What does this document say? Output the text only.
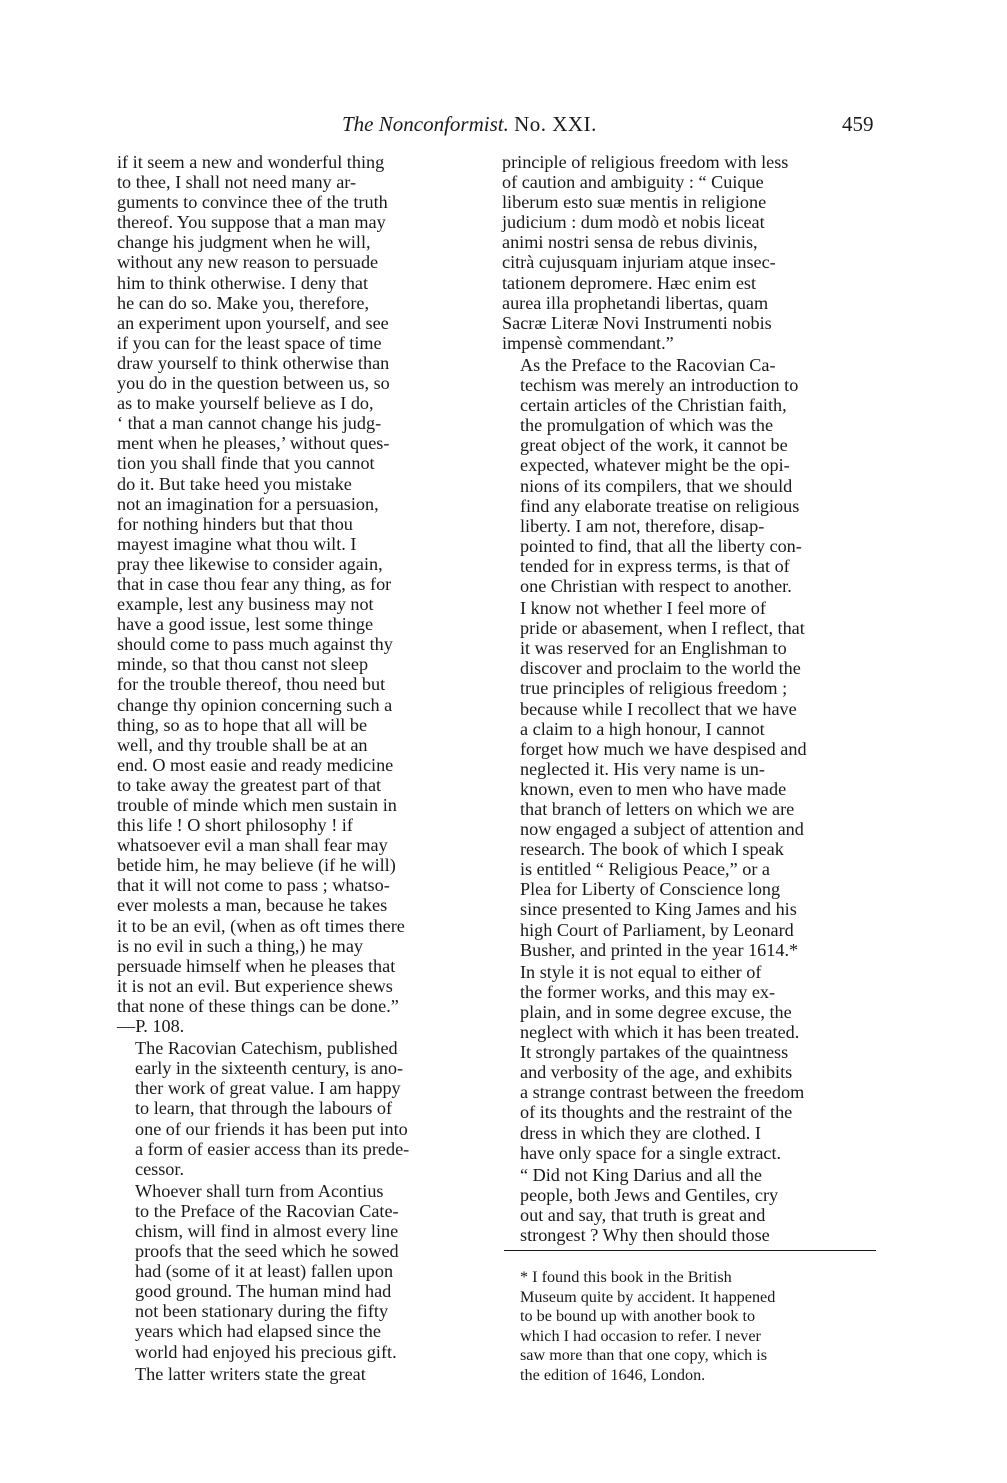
The Nonconformist. No. XXI.	459

if it seem a new and wonderful thing
to thee, I shall not need many ar-
guments to convince thee of the truth
thereof. You suppose that a man may
change his judgment when he will,
without any new reason to persuade
him to think otherwise. I deny that
he can do so. Make you, therefore,
an experiment upon yourself, and see
if you can for the least space of time
draw yourself to think otherwise than
you do in the question between us, so
as to make yourself believe as I do,
‘ that a man cannot change his judg-
ment when he pleases,’ without ques-
tion you shall finde that you cannot
do it. But take heed you mistake
not an imagination for a persuasion,
for nothing hinders but that thou
mayest imagine what thou wilt. I
pray thee likewise to consider again,
that in case thou fear any thing, as for
example, lest any business may not
have a good issue, lest some thinge
should come to pass much against thy
minde, so that thou canst not sleep
for the trouble thereof, thou need but
change thy opinion concerning such a
thing, so as to hope that all will be
well, and thy trouble shall be at an
end. O most easie and ready medicine
to take away the greatest part of that
trouble of minde which men sustain in
this life ! O short philosophy ! if
whatsoever evil a man shall fear may
betide him, he may believe (if he will)
that it will not come to pass ; whatso-
ever molests a man, because he takes
it to be an evil, (when as oft times there
is no evil in such a thing,) he may
persuade himself when he pleases that
it is not an evil. But experience shews
that none of these things can be done.”
—P. 108.

The Racovian Catechism, published
early in the sixteenth century, is ano-
ther work of great value. I am happy
to learn, that through the labours of
one of our friends it has been put into
a form of easier access than its prede-
cessor.

Whoever shall turn from Acontius
to the Preface of the Racovian Cate-
chism, will find in almost every line
proofs that the seed which he sowed
had (some of it at least) fallen upon
good ground. The human mind had
not been stationary during the fifty
years which had elapsed since the
world had enjoyed his precious gift.

The latter writers state the great

principle of religious freedom with less
of caution and ambiguity : “ Cuique
liberum esto suæ mentis in religione
judicium : dum modò et nobis liceat
animi nostri sensa de rebus divinis,
citrà cujusquam injuriam atque insec-
tationem depromere. Hæc enim est
aurea illa prophetandi libertas, quam
Sacræ Literæ Novi Instrumenti nobis
impensè commendant.”

As the Preface to the Racovian Ca-
techism was merely an introduction to
certain articles of the Christian faith,
the promulgation of which was the
great object of the work, it cannot be
expected, whatever might be the opi-
nions of its compilers, that we should
find any elaborate treatise on religious
liberty. I am not, therefore, disap-
pointed to find, that all the liberty con-
tended for in express terms, is that of
one Christian with respect to another.

I know not whether I feel more of
pride or abasement, when I reflect, that
it was reserved for an Englishman to
discover and proclaim to the world the
true principles of religious freedom ;
because while I recollect that we have
a claim to a high honour, I cannot
forget how much we have despised and
neglected it. His very name is un-
known, even to men who have made
that branch of letters on which we are
now engaged a subject of attention and
research. The book of which I speak
is entitled “ Religious Peace,” or a
Plea for Liberty of Conscience long
since presented to King James and his
high Court of Parliament, by Leonard
Busher, and printed in the year 1614.*

In style it is not equal to either of
the former works, and this may ex-
plain, and in some degree excuse, the
neglect with which it has been treated.
It strongly partakes of the quaintness
and verbosity of the age, and exhibits
a strange contrast between the freedom
of its thoughts and the restraint of the
dress in which they are clothed. I
have only space for a single extract.

“ Did not King Darius and all the
people, both Jews and Gentiles, cry
out and say, that truth is great and
strongest ? Why then should those

* I found this book in the British
Museum quite by accident. It happened
to be bound up with another book to
which I had occasion to refer. I never
saw more than that one copy, which is
the edition of 1646, London.
